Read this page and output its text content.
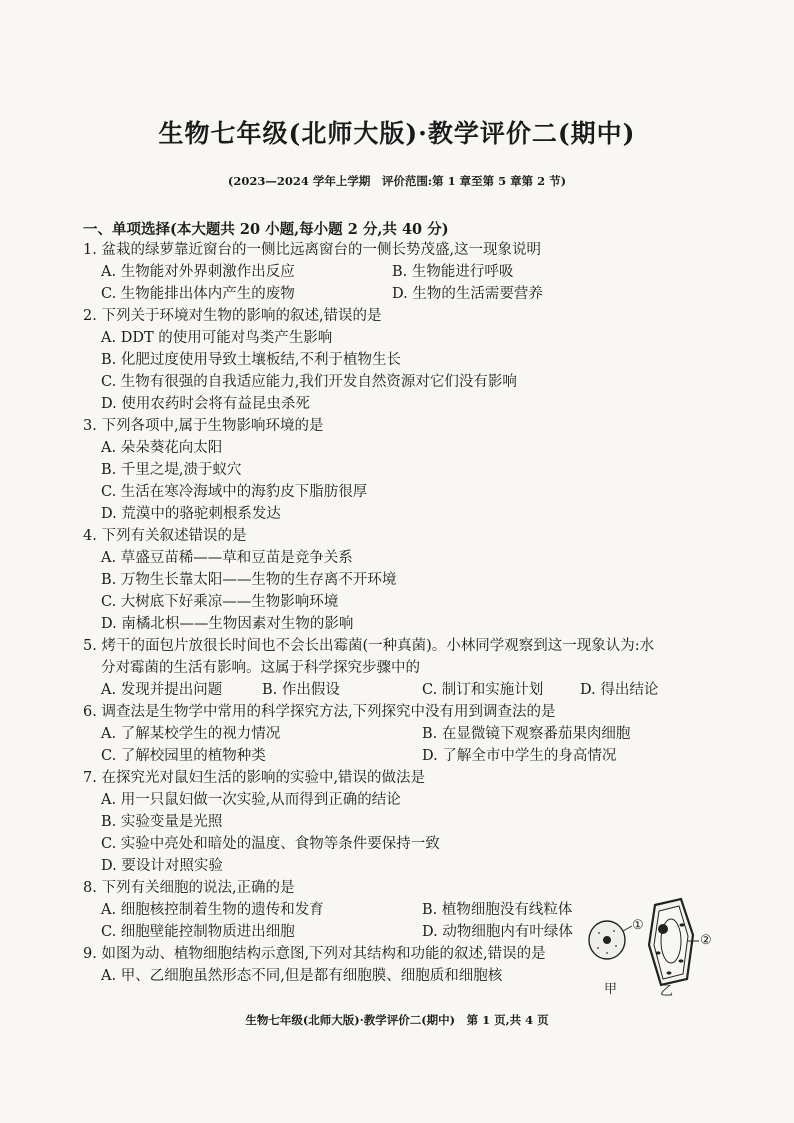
生物七年级(北师大版)·教学评价二(期中)
(2023—2024 学年上学期　评价范围:第 1 章至第 5 章第 2 节)
一、单项选择(本大题共 20 小题,每小题 2 分,共 40 分)
1. 盆栽的绿萝靠近窗台的一侧比远离窗台的一侧长势茂盛,这一现象说明
A. 生物能对外界刺激作出反应	B. 生物能进行呼吸
C. 生物能排出体内产生的废物	D. 生物的生活需要营养
2. 下列关于环境对生物的影响的叙述,错误的是
A. DDT 的使用可能对鸟类产生影响
B. 化肥过度使用导致土壤板结,不利于植物生长
C. 生物有很强的自我适应能力,我们开发自然资源对它们没有影响
D. 使用农药时会将有益昆虫杀死
3. 下列各项中,属于生物影响环境的是
A. 朵朵葵花向太阳
B. 千里之堤,溃于蚁穴
C. 生活在寒冷海域中的海豹皮下脂肪很厚
D. 荒漠中的骆驼刺根系发达
4. 下列有关叙述错误的是
A. 草盛豆苗稀——草和豆苗是竞争关系
B. 万物生长靠太阳——生物的生存离不开环境
C. 大树底下好乘凉——生物影响环境
D. 南橘北枳——生物因素对生物的影响
5. 烤干的面包片放很长时间也不会长出霉菌(一种真菌)。小林同学观察到这一现象认为:水
分对霉菌的生活有影响。这属于科学探究步骤中的
A. 发现并提出问题	B. 作出假设	C. 制订和实施计划	D. 得出结论
6. 调查法是生物学中常用的科学探究方法,下列探究中没有用到调查法的是
A. 了解某校学生的视力情况	B. 在显微镜下观察番茄果肉细胞
C. 了解校园里的植物种类	D. 了解全市中学生的身高情况
7. 在探究光对鼠妇生活的影响的实验中,错误的做法是
A. 用一只鼠妇做一次实验,从而得到正确的结论
B. 实验变量是光照
C. 实验中亮处和暗处的温度、食物等条件要保持一致
D. 要设计对照实验
8. 下列有关细胞的说法,正确的是
A. 细胞核控制着生物的遗传和发育	B. 植物细胞没有线粒体
C. 细胞壁能控制物质进出细胞	D. 动物细胞内有叶绿体
9. 如图为动、植物细胞结构示意图,下列对其结构和功能的叙述,错误的是
A. 甲、乙细胞虽然形态不同,但是都有细胞膜、细胞质和细胞核
①
②
甲	乙
生物七年级(北师大版)·教学评价二(期中)　第 1 页,共 4 页
